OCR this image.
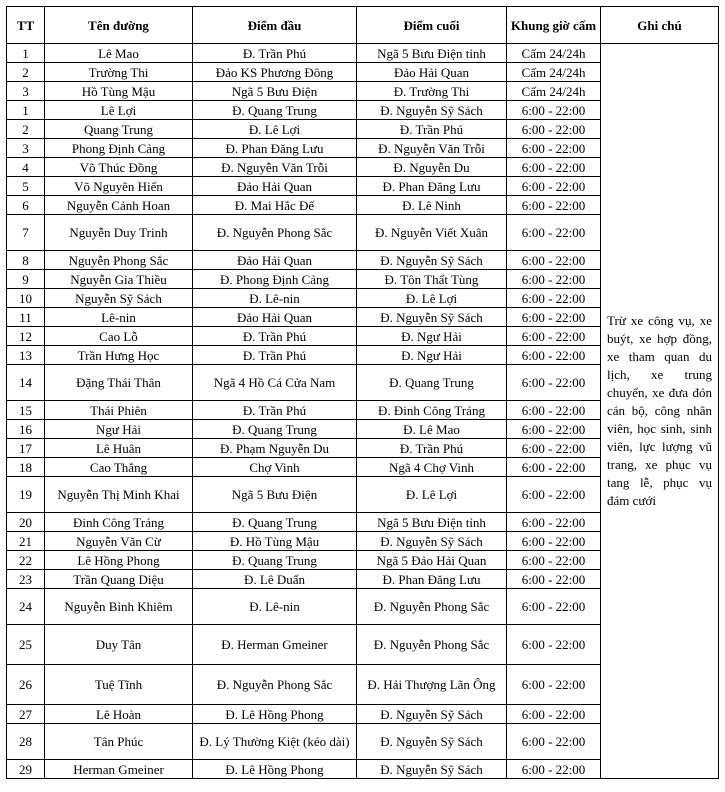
TT	Tên đường	Điểm đầu	Điểm cuối	Khung giờ cấm	Ghi chú
1	Lê Mao	Đ. Trần Phú	Ngã 5 Bưu Điện tỉnh	Cấm 24/24h	Trừ xe công vụ, xe buýt, xe hợp đồng, xe tham quan du lịch, xe trung chuyển, xe đưa đón cán bộ, công nhân viên, học sinh, sinh viên, lực lượng vũ trang, xe phục vụ tang lễ, phục vụ đám cưới
2	Trường Thi	Đảo KS Phương Đông	Đảo Hải Quan	Cấm 24/24h	
3	Hồ Tùng Mậu	Ngã 5 Bưu Điện	Đ. Trường Thi	Cấm 24/24h	
1	Lê Lợi	Đ. Quang Trung	Đ. Nguyễn Sỹ Sách	6:00 - 22:00	
2	Quang Trung	Đ. Lê Lợi	Đ. Trần Phú	6:00 - 22:00	
3	Phong Định Cảng	Đ. Phan Đăng Lưu	Đ. Nguyễn Văn Trỗi	6:00 - 22:00	
4	Võ Thúc Đồng	Đ. Nguyễn Văn Trỗi	Đ. Nguyễn Du	6:00 - 22:00	
5	Võ Nguyên Hiến	Đảo Hải Quan	Đ. Phan Đăng Lưu	6:00 - 22:00	
6	Nguyễn Cảnh Hoan	Đ. Mai Hắc Đế	Đ. Lê Ninh	6:00 - 22:00	
7	Nguyễn Duy Trinh	Đ. Nguyễn Phong Sắc	Đ. Nguyễn Viết Xuân	6:00 - 22:00	
8	Nguyễn Phong Sắc	Đảo Hải Quan	Đ. Nguyễn Sỹ Sách	6:00 - 22:00	
9	Nguyễn Gia Thiều	Đ. Phong Định Cảng	Đ. Tôn Thất Tùng	6:00 - 22:00	
10	Nguyễn Sỹ Sách	Đ. Lê-nin	Đ. Lê Lợi	6:00 - 22:00	
11	Lê-nin	Đảo Hải Quan	Đ. Nguyễn Sỹ Sách	6:00 - 22:00	
12	Cao Lỗ	Đ. Trần Phú	Đ. Ngư Hải	6:00 - 22:00	
13	Trần Hưng Học	Đ. Trần Phú	Đ. Ngư Hải	6:00 - 22:00	
14	Đặng Thái Thân	Ngã 4 Hồ Cá Cửa Nam	Đ. Quang Trung	6:00 - 22:00	
15	Thái Phiên	Đ. Trần Phú	Đ. Đinh Công Tráng	6:00 - 22:00	
16	Ngư Hải	Đ. Quang Trung	Đ. Lê Mao	6:00 - 22:00	
17	Lê Huân	Đ. Phạm Nguyễn Du	Đ. Trần Phú	6:00 - 22:00	
18	Cao Thắng	Chợ Vinh	Ngã 4 Chợ Vinh	6:00 - 22:00	
19	Nguyễn Thị Minh Khai	Ngã 5 Bưu Điện	Đ. Lê Lợi	6:00 - 22:00	
20	Đinh Công Tráng	Đ. Quang Trung	Ngã 5 Bưu Điện tỉnh	6:00 - 22:00	
21	Nguyễn Văn Cừ	Đ. Hồ Tùng Mậu	Đ. Nguyễn Sỹ Sách	6:00 - 22:00	
22	Lê Hồng Phong	Đ. Quang Trung	Ngã 5 Đảo Hải Quan	6:00 - 22:00	
23	Trần Quang Diệu	Đ. Lê Duẩn	Đ. Phan Đăng Lưu	6:00 - 22:00	
24	Nguyễn Bỉnh Khiêm	Đ. Lê-nin	Đ. Nguyễn Phong Sắc	6:00 - 22:00	
25	Duy Tân	Đ. Herman Gmeiner	Đ. Nguyễn Phong Sắc	6:00 - 22:00	
26	Tuệ Tĩnh	Đ. Nguyễn Phong Sắc	Đ. Hải Thượng Lãn Ông	6:00 - 22:00	
27	Lê Hoàn	Đ. Lê Hồng Phong	Đ. Nguyễn Sỹ Sách	6:00 - 22:00	
28	Tân Phúc	Đ. Lý Thường Kiệt (kéo dài)	Đ. Nguyễn Sỹ Sách	6:00 - 22:00	
29	Herman Gmeiner	Đ. Lê Hồng Phong	Đ. Nguyễn Sỹ Sách	6:00 - 22:00	
